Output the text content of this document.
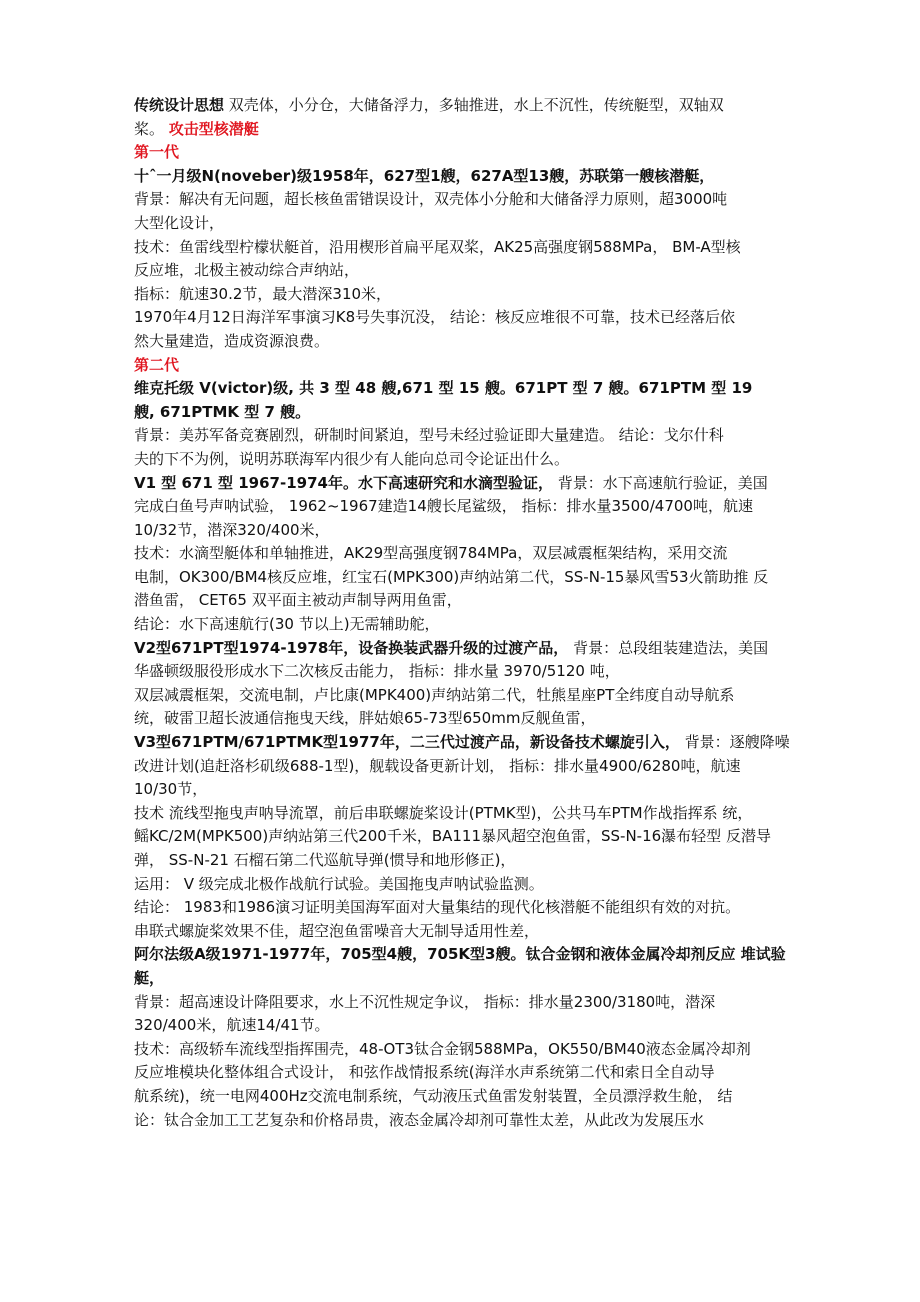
传统设计思想 双壳体，小分仓，大储备浮力，多轴推进，水上不沉性，传统艇型，双轴双
桨。 攻击型核潜艇
第一代
十ˆ一月级N(noveber)级1958年，627型1艘，627A型13艘，苏联第一艘核潜艇，
背景：解决有无问题，超长核鱼雷错误设计，双壳体小分舱和大储备浮力原则，超3000吨
大型化设计，
技术：鱼雷线型柠檬状艇首，沿用楔形首扁平尾双桨，AK25高强度钢588MPa， BM-A型核
反应堆，北极主被动综合声纳站，
指标：航速30.2节，最大潜深310米，
1970年4月12日海洋军事演习K8号失事沉没， 结论：核反应堆很不可靠，技术已经落后依
然大量建造，造成资源浪费。
第二代
维克托级 V(victor)级, 共 3 型 48 艘,671 型 15 艘。671PT 型 7 艘。671PTM 型 19
艘, 671PTMK 型 7 艘。
背景：美苏军备竞赛剧烈，研制时间紧迫，型号未经过验证即大量建造。 结论：戈尔什科
夫的下不为例，说明苏联海军内很少有人能向总司令论证出什么。
V1 型 671 型 1967-1974年。水下高速研究和水滴型验证， 背景：水下高速航行验证，美国
完成白鱼号声呐试验， 1962~1967建造14艘长尾鲨级， 指标：排水量3500/4700吨，航速
10/32节，潜深320/400米，
技术：水滴型艇体和单轴推进，AK29型高强度钢784MPa，双层减震框架结构，采用交流
电制，OK300/BM4核反应堆，红宝石(MPK300)声纳站第二代，SS-N-15暴风雪53火箭助推 反
潜鱼雷， CET65 双平面主被动声制导两用鱼雷，
结论：水下高速航行(30 节以上)无需辅助舵，
V2型671PT型1974-1978年，设备换装武器升级的过渡产品， 背景：总段组装建造法，美国
华盛顿级服役形成水下二次核反击能力， 指标：排水量 3970/5120 吨，
双层减震框架，交流电制，卢比康(MPK400)声纳站第二代，牡熊星座PT全纬度自动导航系
统，破雷卫超长波通信拖曳天线，胖姑娘65-73型650mm反舰鱼雷，
V3型671PTM/671PTMK型1977年，二三代过渡产品，新设备技术螺旋引入， 背景：逐艘降噪
改进计划(追赶洛杉矶级688-1型)，舰载设备更新计划， 指标：排水量4900/6280吨，航速
10/30节，
技术 流线型拖曳声呐导流罩，前后串联螺旋桨设计(PTMK型)，公共马车PTM作战指挥系 统，
鳐KC/2M(MPK500)声纳站第三代200千米，BA111暴风超空泡鱼雷，SS-N-16瀑布轻型 反潜导
弹， SS-N-21 石榴石第二代巡航导弹(惯导和地形修正)，
运用： V 级完成北极作战航行试验。美国拖曳声呐试验监测。
结论： 1983和1986演习证明美国海军面对大量集结的现代化核潜艇不能组织有效的对抗。
串联式螺旋桨效果不佳，超空泡鱼雷噪音大无制导适用性差，
阿尔法级A级1971-1977年，705型4艘，705K型3艘。钛合金钢和液体金属冷却剂反应 堆试验
艇，
背景：超高速设计降阻要求，水上不沉性规定争议， 指标：排水量2300/3180吨，潜深
320/400米，航速14/41节。
技术：高级轿车流线型指挥围壳，48-OT3钛合金钢588MPa，OK550/BM40液态金属冷却剂
反应堆模块化整体组合式设计， 和弦作战情报系统(海洋水声系统第二代和索日全自动导
航系统)，统一电网400Hz交流电制系统，气动液压式鱼雷发射装置，全员漂浮救生舱， 结
论：钛合金加工工艺复杂和价格昂贵，液态金属冷却剂可靠性太差，从此改为发展压水
